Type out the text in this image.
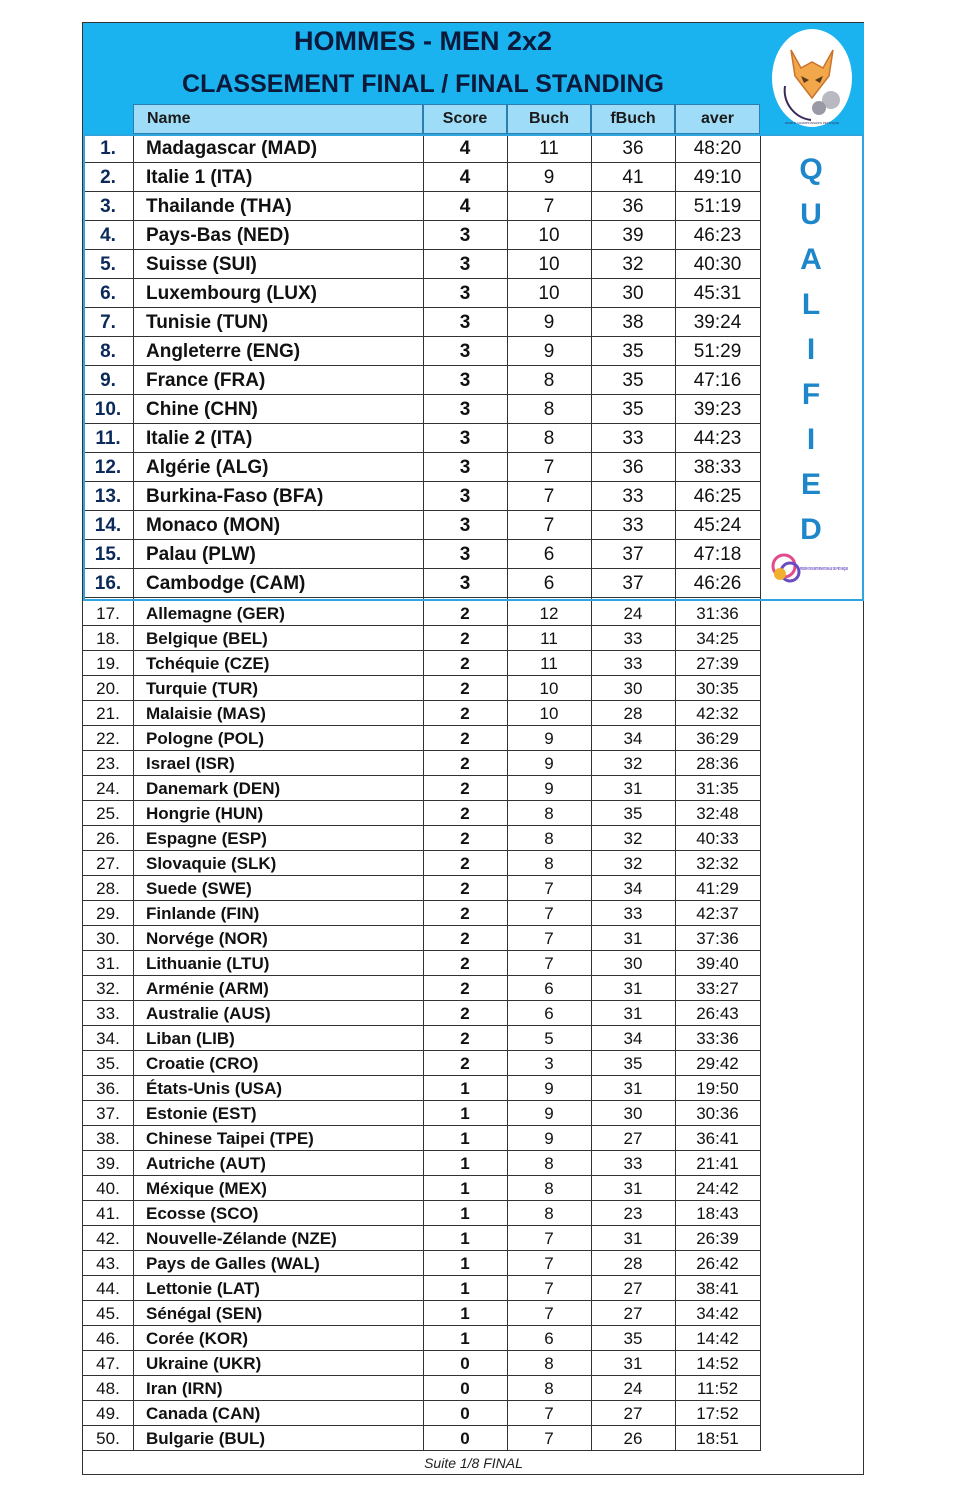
HOMMES - MEN 2x2
CLASSEMENT FINAL / FINAL STANDING
WORLD CHAMPIONSHIPS PETANQUE
Name	Score	Buch	fBuch	aver
1.	Madagascar (MAD)	4	11	36	48:20
2.	Italie 1 (ITA)	4	9	41	49:10
3.	Thailande (THA)	4	7	36	51:19
4.	Pays-Bas (NED)	3	10	39	46:23
5.	Suisse (SUI)	3	10	32	40:30
6.	Luxembourg (LUX)	3	10	30	45:31
7.	Tunisie (TUN)	3	9	38	39:24
8.	Angleterre (ENG)	3	9	35	51:29
9.	France (FRA)	3	8	35	47:16
10.	Chine (CHN)	3	8	35	39:23
11.	Italie 2 (ITA)	3	8	33	44:23
12.	Algérie (ALG)	3	7	36	38:33
13.	Burkina-Faso (BFA)	3	7	33	46:25
14.	Monaco (MON)	3	7	33	45:24
15.	Palau (PLW)	3	6	37	47:18
16.	Cambodge (CAM)	3	6	37	46:26
17.	Allemagne (GER)	2	12	24	31:36
18.	Belgique (BEL)	2	11	33	34:25
19.	Tchéquie (CZE)	2	11	33	27:39
20.	Turquie (TUR)	2	10	30	30:35
21.	Malaisie (MAS)	2	10	28	42:32
22.	Pologne (POL)	2	9	34	36:29
23.	Israel (ISR)	2	9	32	28:36
24.	Danemark (DEN)	2	9	31	31:35
25.	Hongrie (HUN)	2	8	35	32:48
26.	Espagne (ESP)	2	8	32	40:33
27.	Slovaquie (SLK)	2	8	32	32:32
28.	Suede (SWE)	2	7	34	41:29
29.	Finlande (FIN)	2	7	33	42:37
30.	Norvége (NOR)	2	7	31	37:36
31.	Lithuanie (LTU)	2	7	30	39:40
32.	Arménie (ARM)	2	6	31	33:27
33.	Australie (AUS)	2	6	31	26:43
34.	Liban (LIB)	2	5	34	33:36
35.	Croatie (CRO)	2	3	35	29:42
36.	États-Unis (USA)	1	9	31	19:50
37.	Estonie (EST)	1	9	30	30:36
38.	Chinese Taipei (TPE)	1	9	27	36:41
39.	Autriche (AUT)	1	8	33	21:41
40.	Méxique (MEX)	1	8	31	24:42
41.	Ecosse (SCO)	1	8	23	18:43
42.	Nouvelle-Zélande (NZE)	1	7	31	26:39
43.	Pays de Galles (WAL)	1	7	28	26:42
44.	Lettonie (LAT)	1	7	27	38:41
45.	Sénégal (SEN)	1	7	27	34:42
46.	Corée (KOR)	1	6	35	14:42
47.	Ukraine (UKR)	0	8	31	14:52
48.	Iran (IRN)	0	8	24	11:52
49.	Canada (CAN)	0	7	27	17:52
50.	Bulgarie (BUL)	0	7	26	18:51
Q
U
A
L
I
F
I
E
D
FÉDÉRATION INTERNATIONALE DE PÉTANQUE
Suite 1/8 FINAL
